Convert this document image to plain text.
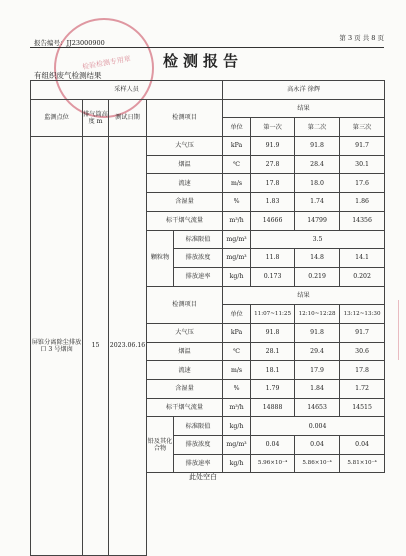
检验检测专用章
报告编号：JJ23000900
第 3 页 共 8 页
检测报告
有组织废气检测结果
采样人员					高永洋 徐辉			
监测点位	排气筒高度 m	测试日期	检测项目		结果			
					单位	第一次	第二次	第三次
屏锥分离除尘排放口 3 号烟囱	15	2023.06.16	大气压		kPa	91.9	91.8	91.7
			烟温		℃	27.8	28.4	30.1
			流速		m/s	17.8	18.0	17.6
			含湿量		%	1.83	1.74	1.86
			标干烟气流量		m³/h	14666	14799	14356
			颗粒物	标准限值	mg/m³	3.5		
				排放浓度	mg/m³	11.8	14.8	14.1
				排放速率	kg/h	0.173	0.219	0.202
			检测项目		结果			
					单位	11:07~11:25	12:10~12:28	13:12~13:30
			大气压		kPa	91.8	91.8	91.7
			烟温		℃	28.1	29.4	30.6
			流速		m/s	18.1	17.9	17.8
			含湿量		%	1.79	1.84	1.72
			标干烟气流量		m³/h	14888	14653	14515
			铅及其化合物	标准限值	kg/h	0.004		
				排放浓度	mg/m³	0.04	0.04	0.04
				排放速率	kg/h	5.96×10⁻⁴	5.86×10⁻⁴	5.81×10⁻⁴

此处空白
